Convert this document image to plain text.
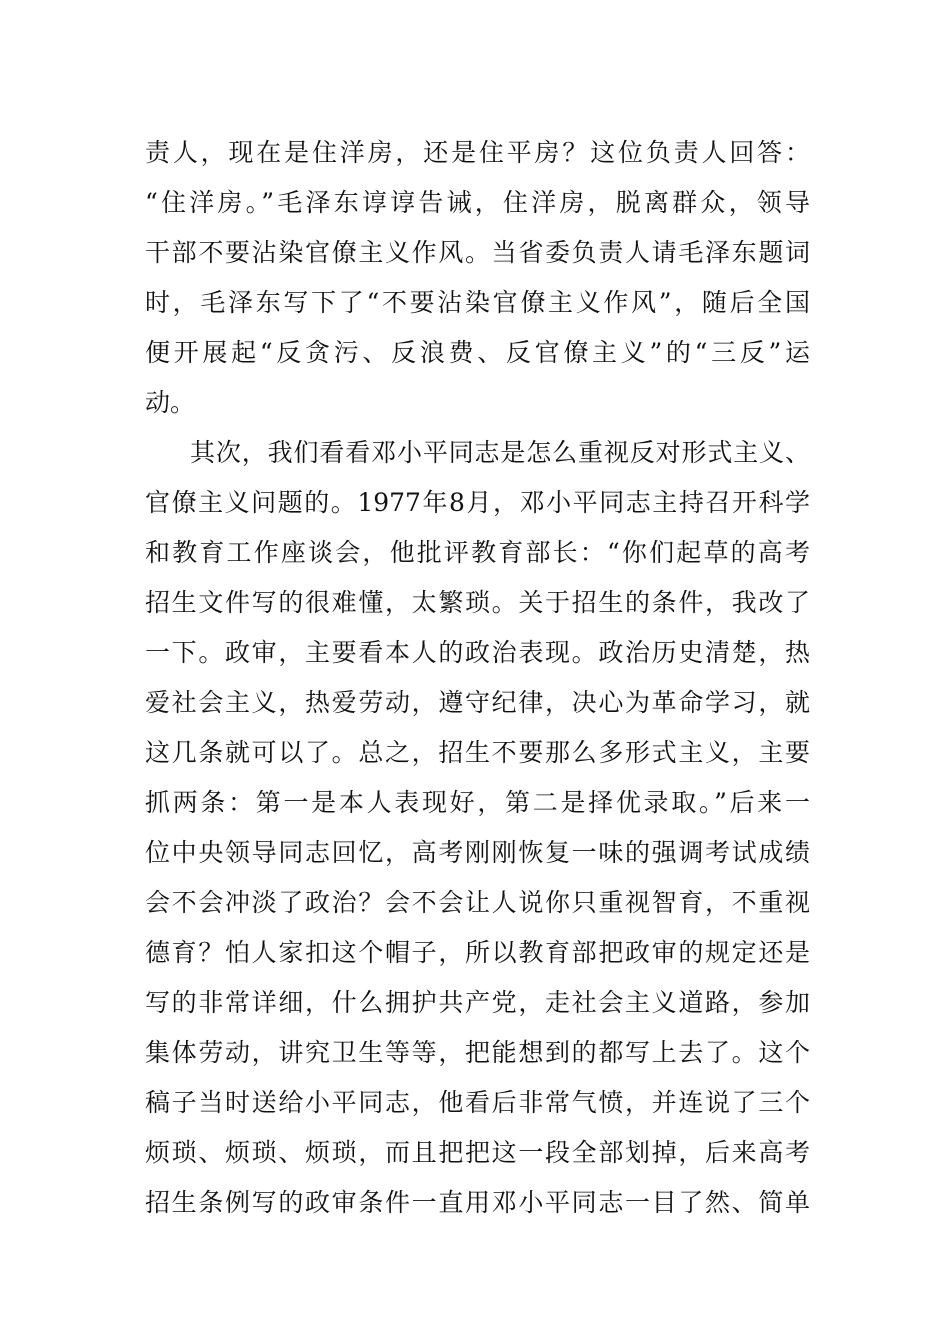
责人，现在是住洋房，还是住平房？这位负责人回答：
“住洋房。”毛泽东谆谆告诫，住洋房，脱离群众，领导
干部不要沾染官僚主义作风。当省委负责人请毛泽东题词
时，毛泽东写下了“不要沾染官僚主义作风”，随后全国
便开展起“反贪污、反浪费、反官僚主义”的“三反”运
动。
其次，我们看看邓小平同志是怎么重视反对形式主义、
官僚主义问题的。1977年8月，邓小平同志主持召开科学
和教育工作座谈会，他批评教育部长：“你们起草的高考
招生文件写的很难懂，太繁琐。关于招生的条件，我改了
一下。政审，主要看本人的政治表现。政治历史清楚，热
爱社会主义，热爱劳动，遵守纪律，决心为革命学习，就
这几条就可以了。总之，招生不要那么多形式主义，主要
抓两条：第一是本人表现好，第二是择优录取。”后来一
位中央领导同志回忆，高考刚刚恢复一味的强调考试成绩
会不会冲淡了政治？会不会让人说你只重视智育，不重视
德育？怕人家扣这个帽子，所以教育部把政审的规定还是
写的非常详细，什么拥护共产党，走社会主义道路，参加
集体劳动，讲究卫生等等，把能想到的都写上去了。这个
稿子当时送给小平同志，他看后非常气愤，并连说了三个
烦琐、烦琐、烦琐，而且把把这一段全部划掉，后来高考
招生条例写的政审条件一直用邓小平同志一目了然、简单
